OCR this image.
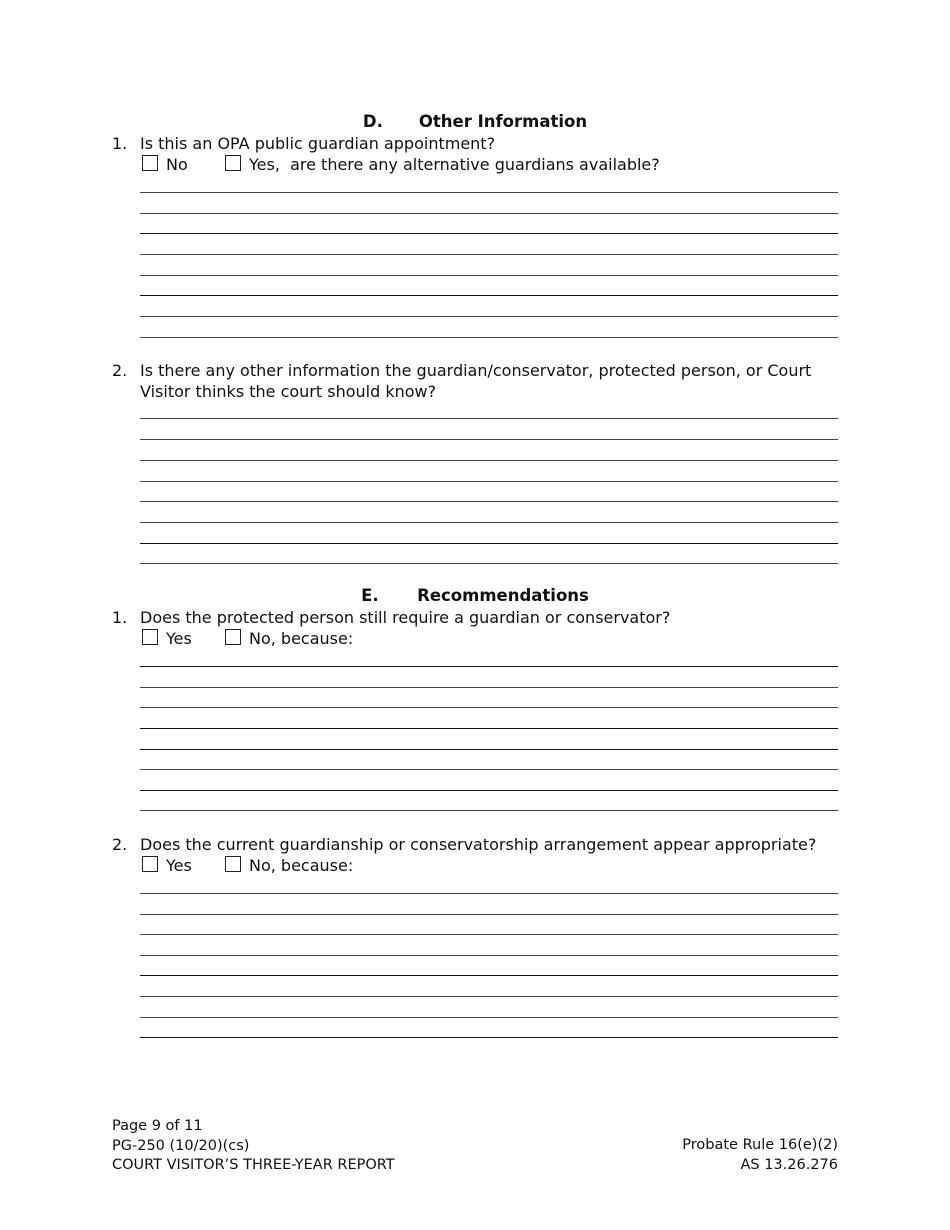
D. Other Information
1. Is this an OPA public guardian appointment?
No	Yes,  are there any alternative guardians available?
2. Is there any other information the guardian/conservator, protected person, or Court Visitor thinks the court should know?
E. Recommendations
1. Does the protected person still require a guardian or conservator?
Yes	No, because:
2. Does the current guardianship or conservatorship arrangement appear appropriate?
Yes	No, because:
Page 9 of 11
PG-250 (10/20)(cs)
COURT VISITOR’S THREE-YEAR REPORT
Probate Rule 16(e)(2)
AS 13.26.276
